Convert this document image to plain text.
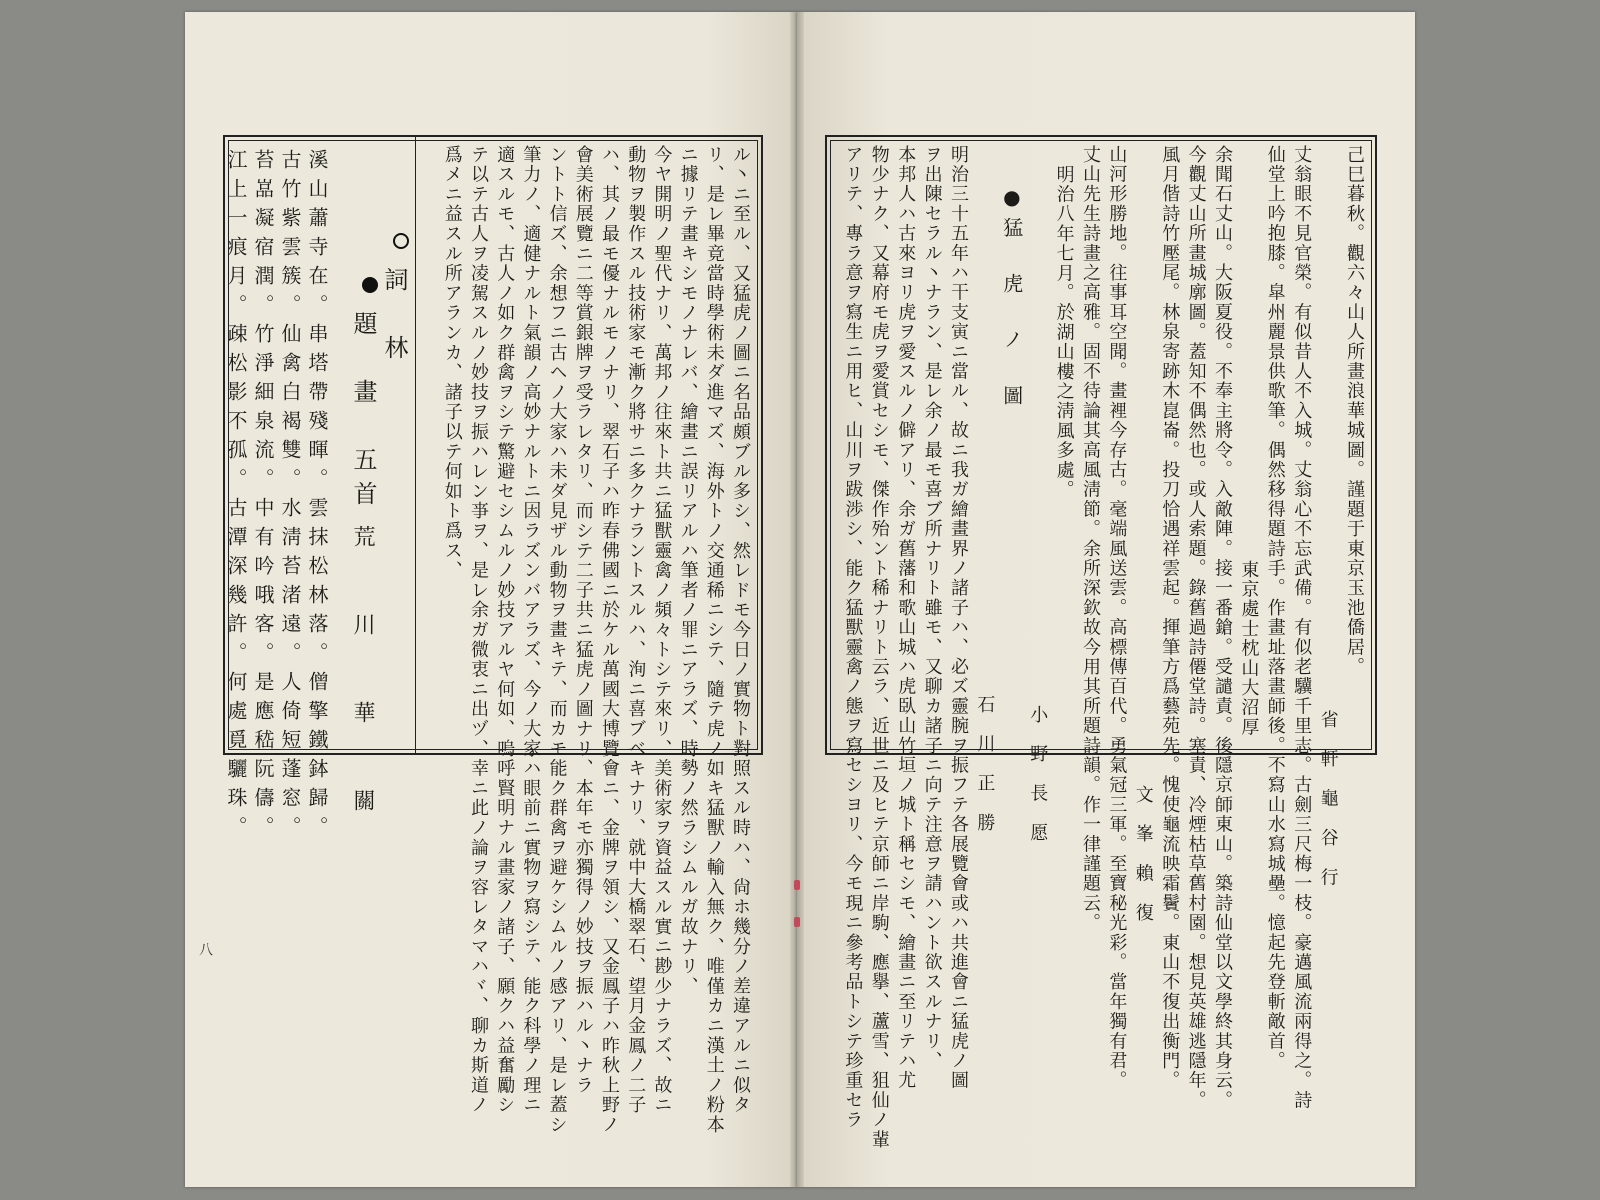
ル丶ニ至ル、又猛虎ノ圖ニ名品頗ブル多シ、然レドモ今日ノ實物ト對照スル時ハ、尙ホ幾分ノ差違アルニ似タ
リ、是レ畢竟當時學術未ダ進マズ、海外トノ交通稀ニシテ、隨テ虎ノ如キ猛獸ノ輸入無ク、唯僅カニ漢土ノ粉本
ニ據リテ畫キシモノナレバ、繪畫ニ誤リアルハ筆者ノ罪ニアラズ、時勢ノ然ラシムルガ故ナリ、
今ヤ開明ノ聖代ナリ、萬邦ノ往來ト共ニ猛獸靈禽ノ頻々トシテ來リ、美術家ヲ資益スル實ニ尠少ナラズ、故ニ
動物ヲ製作スル技術家モ漸ク將サニ多クナラントスルハ、洵ニ喜ブベキナリ、就中大橋翠石、望月金鳳ノ二子
ハ、其ノ最モ優ナルモノナリ、翠石子ハ昨春佛國ニ於ケル萬國大博覽會ニ、金牌ヲ領シ、又金鳳子ハ昨秋上野ノ
會美術展覽ニ二等賞銀牌ヲ受ラレタリ、而シテ二子共ニ猛虎ノ圖ナリ、本年モ亦獨得ノ妙技ヲ振ハル丶ナラ
ントト信ズ、余想フニ古ヘノ大家ハ未ダ見ザル動物ヲ畫キテ、而カモ能ク群禽ヲ避ケシムルノ感アリ、是レ蓋シ
筆力ノ、適健ナルト氣韻ノ高妙ナルトニ因ラズンバアラズ、今ノ大家ハ眼前ニ實物ヲ寫シテ、能ク科學ノ理ニ
適スルモ、古人ノ如ク群禽ヲシテ驚避セシムルノ妙技アルヤ何如、嗚呼賢明ナル畫家ノ諸子、願クハ益奮勵シ
テ以テ古人ヲ凌駕スルノ妙技ヲ振ハレン亊ヲ、是レ余ガ微衷ニ出ヅ、幸ニ此ノ論ヲ容レタマハヾ、聊カ斯道ノ
爲メニ益スル所アランカ、諸子以テ何如ト爲ス、
詞　林
題　畫　五首
荒　川　華　關
溪山蕭寺在。串塔帶殘暉。雲抹松林落。僧擎鐵鉢歸。
古竹紫雲簇。仙禽白褐雙。水淸苔渚遠。人倚短蓬窓。
苔嵓凝宿潤。竹淨細泉流。中有吟哦客。是應嵇阮儔。
江上一痕月。疎松影不孤。古潭深幾許。何處覓驪珠。
八
己巳暮秋。觀六々山人所畫浪華城圖。謹題于東京玉池僑居。
省　軒　龜　谷　行
丈翁眼不見官榮。有似昔人不入城。丈翁心不忘武備。有似老驥千里志。古劍三尺梅一枝。豪邁風流兩得之。詩
仙堂上吟抱膝。皐州麗景供歌筆。偶然移得題詩手。作畫址落畫師後。不寫山水寫城壘。憶起先登斬敵首。
東京處士枕山大沼厚
余聞石丈山。大阪夏役。不奉主將令。入敵陣。接一番鎗。受譴責。後隱京師東山。築詩仙堂以文學終其身云。
今觀丈山所畫城廓圖。蓋知不偶然也。或人索題。錄舊過詩僊堂詩。塞責、冷煙枯草舊村園。想見英雄逃隱年。
風月偕詩竹壓尾。林泉寄跡木崑崙。投刀恰遇祥雲起。揮筆方爲藝苑先。愧使龜流映霜鬢。東山不復出衡門。
文　峯　賴　復
山河形勝地。往事耳空聞。畫裡今存古。毫端風送雲。高標傳百代。勇氣冠三軍。至寶秘光彩。當年獨有君。
丈山先生詩畫之高雅。固不待論其高風淸節。余所深欽故今用其所題詩韻。作一律謹題云。
明治八年七月。於湖山樓之淸風多處。
小　野　長　愿
●猛　虎　ノ　圖
石　川　正　勝
明治三十五年ハ干支寅ニ當ル、故ニ我ガ繪畫界ノ諸子ハ、必ズ靈腕ヲ振フテ各展覽會或ハ共進會ニ猛虎ノ圖
ヲ出陳セラル丶ナラン、是レ余ノ最モ喜ブ所ナリト雖モ、又聊カ諸子ニ向テ注意ヲ請ハント欲スルナリ、
本邦人ハ古來ヨリ虎ヲ愛スルノ僻アリ、余ガ舊藩和歌山城ハ虎臥山竹垣ノ城ト稱セシモ、繪畫ニ至リテハ尤
物少ナク、又幕府モ虎ヲ愛賞セシモ、傑作殆ント稀ナリト云ラ、近世ニ及ヒテ京師ニ岸駒、應擧、蘆雪、狙仙ノ輩
アリテ、專ラ意ヲ寫生ニ用ヒ、山川ヲ跋渉シ、能ク猛獸靈禽ノ態ヲ寫セシヨリ、今モ現ニ參考品トシテ珍重セラ
